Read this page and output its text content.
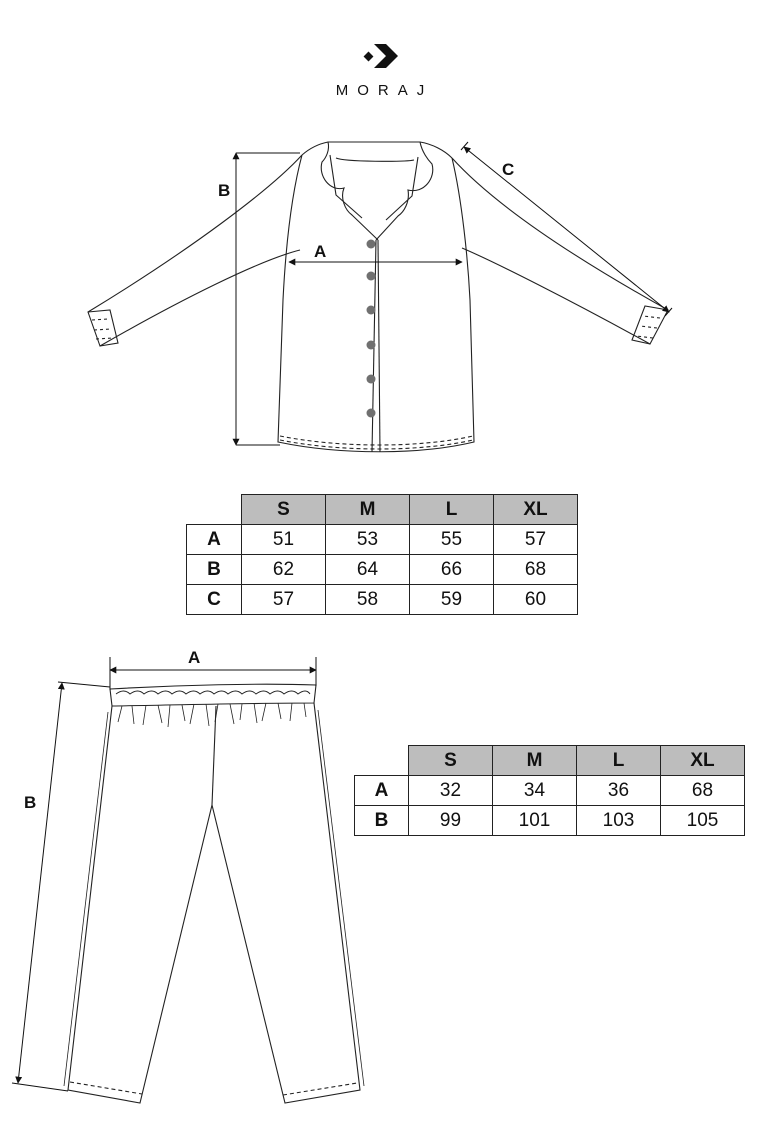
MORAJ
B
A
C
A
B
	S	M	L	XL
A	51	53	55	57
B	62	64	66	68
C	57	58	59	60
	S	M	L	XL
A	32	34	36	68
B	99	101	103	105
